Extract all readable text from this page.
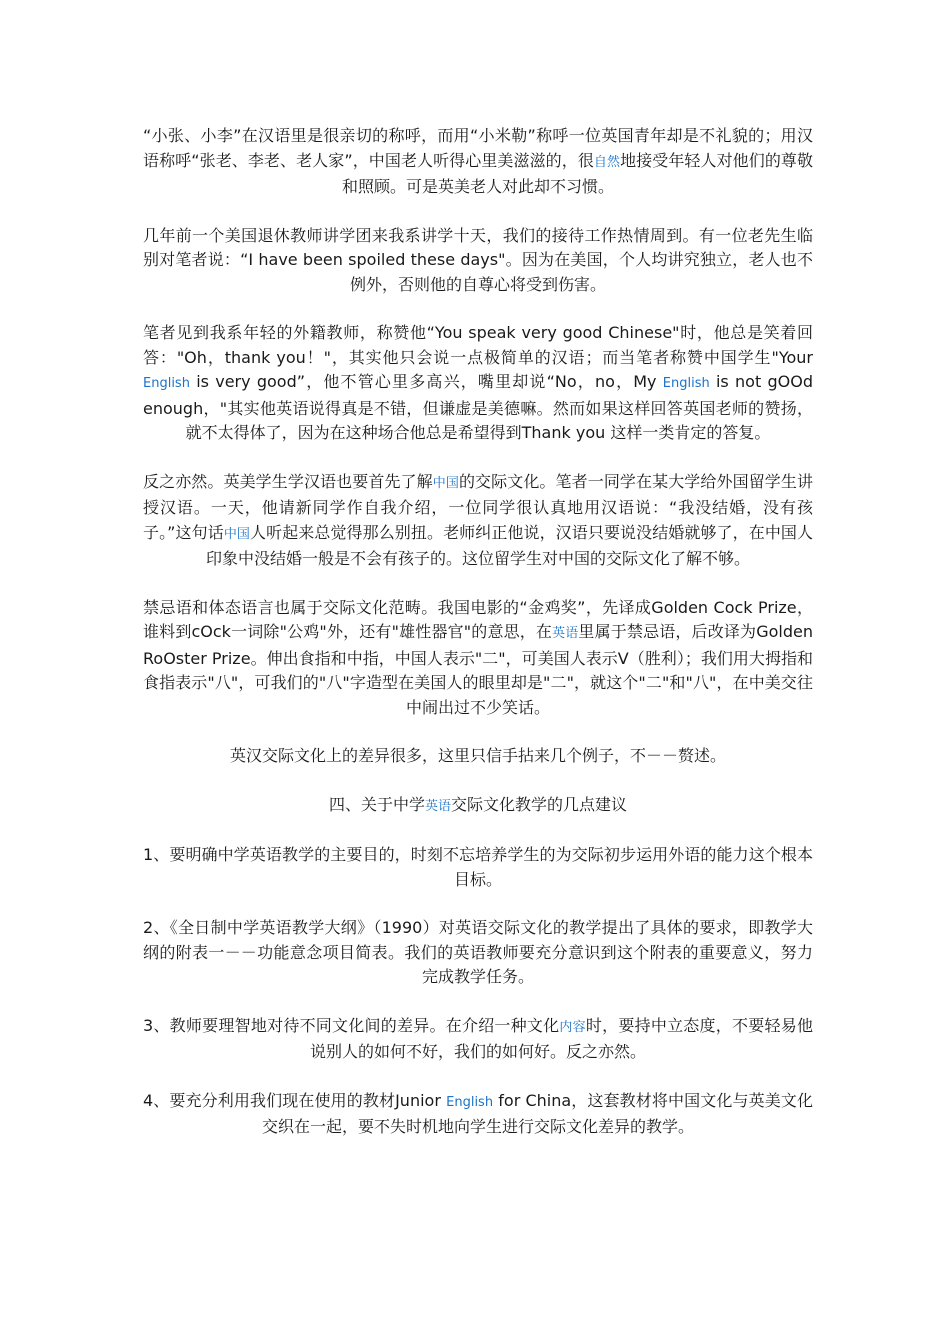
“小张、小李”在汉语里是很亲切的称呼，而用“小米勒”称呼一位英国青年却是不礼貌的；用汉语称呼“张老、李老、老人家”，中国老人听得心里美滋滋的，很自然地接受年轻人对他们的尊敬和照顾。可是英美老人对此却不习惯。

几年前一个美国退休教师讲学团来我系讲学十天，我们的接待工作热情周到。有一位老先生临别对笔者说：“I have been spoiled these days"。因为在美国，个人均讲究独立，老人也不例外，否则他的自尊心将受到伤害。

笔者见到我系年轻的外籍教师，称赞他“You speak very good Chinese"时，他总是笑着回答："Oh，thank you！"，其实他只会说一点极简单的汉语；而当笔者称赞中国学生"Your English is very good”，他不管心里多高兴，嘴里却说“No，no，My English is not gOOd enough，"其实他英语说得真是不错，但谦虚是美德嘛。然而如果这样回答英国老师的赞扬，就不太得体了，因为在这种场合他总是希望得到Thank you 这样一类肯定的答复。

反之亦然。英美学生学汉语也要首先了解中国的交际文化。笔者一同学在某大学给外国留学生讲授汉语。一天，他请新同学作自我介绍，一位同学很认真地用汉语说：“我没结婚，没有孩子。”这句话中国人听起来总觉得那么别扭。老师纠正他说，汉语只要说没结婚就够了，在中国人印象中没结婚一般是不会有孩子的。这位留学生对中国的交际文化了解不够。

禁忌语和体态语言也属于交际文化范畴。我国电影的“金鸡奖”，先译成Golden Cock Prize，谁料到cOck一词除"公鸡"外，还有"雄性器官"的意思，在英语里属于禁忌语，后改译为Golden RoOster Prize。伸出食指和中指，中国人表示"二"，可美国人表示V（胜利）；我们用大拇指和食指表示"八"，可我们的"八"字造型在美国人的眼里却是"二"，就这个"二"和"八"，在中美交往中闹出过不少笑话。

英汉交际文化上的差异很多，这里只信手拈来几个例子，不－－赘述。

四、关于中学英语交际文化教学的几点建议

1、要明确中学英语教学的主要目的，时刻不忘培养学生的为交际初步运用外语的能力这个根本目标。

2、《全日制中学英语教学大纲》（1990）对英语交际文化的教学提出了具体的要求，即教学大纲的附表一－－功能意念项目简表。我们的英语教师要充分意识到这个附表的重要意义，努力完成教学任务。

3、教师要理智地对待不同文化间的差异。在介绍一种文化内容时，要持中立态度，不要轻易他说别人的如何不好，我们的如何好。反之亦然。

4、要充分利用我们现在使用的教材Junior English for China，这套教材将中国文化与英美文化交织在一起，要不失时机地向学生进行交际文化差异的教学。
